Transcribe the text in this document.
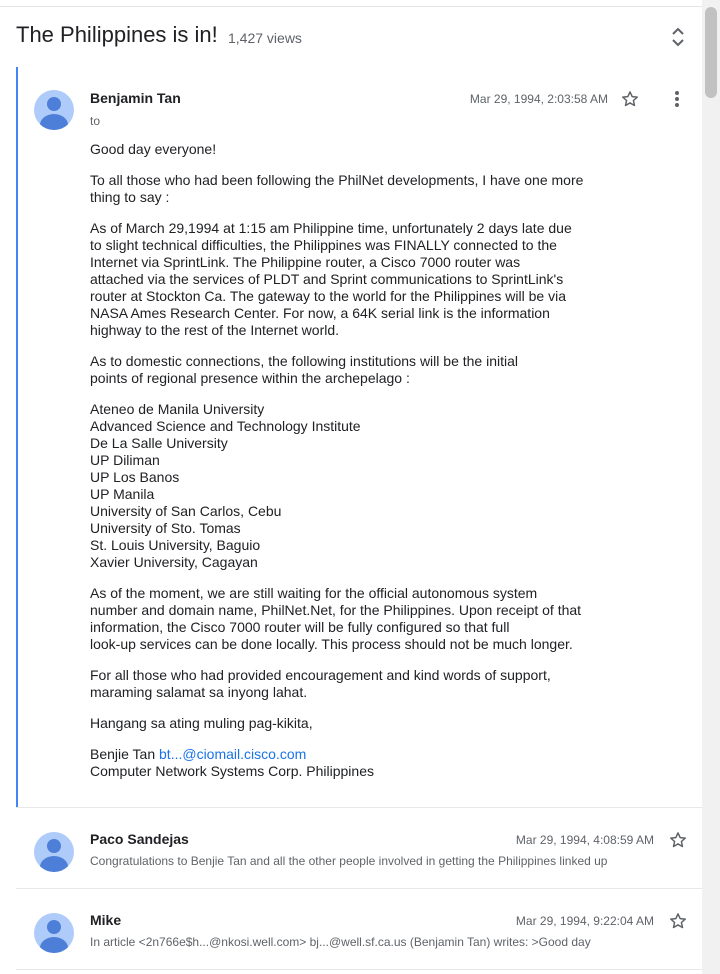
The Philippines is in! 1,427 views
Benjamin Tan
to
Mar 29, 1994, 2:03:58 AM

Good day everyone!

To all those who had been following the PhilNet developments, I have one more
thing to say :

As of March 29,1994 at 1:15 am Philippine time, unfortunately 2 days late due
to slight technical difficulties, the Philippines was FINALLY connected to the
Internet via SprintLink. The Philippine router, a Cisco 7000 router was
attached via the services of PLDT and Sprint communications to SprintLink's
router at Stockton Ca. The gateway to the world for the Philippines will be via
NASA Ames Research Center. For now, a 64K serial link is the information
highway to the rest of the Internet world.

As to domestic connections, the following institutions will be the initial
points of regional presence within the archepelago :

Ateneo de Manila University
Advanced Science and Technology Institute
De La Salle University
UP Diliman
UP Los Banos
UP Manila
University of San Carlos, Cebu
University of Sto. Tomas
St. Louis University, Baguio
Xavier University, Cagayan

As of the moment, we are still waiting for the official autonomous system
number and domain name, PhilNet.Net, for the Philippines. Upon receipt of that
information, the Cisco 7000 router will be fully configured so that full
look-up services can be done locally. This process should not be much longer.

For all those who had provided encouragement and kind words of support,
maraming salamat sa inyong lahat.

Hangang sa ating muling pag-kikita,

Benjie Tan bt...@ciomail.cisco.com
Computer Network Systems Corp. Philippines

Paco Sandejas	Mar 29, 1994, 4:08:59 AM
Congratulations to Benjie Tan and all the other people involved in getting the Philippines linked up
Mike	Mar 29, 1994, 9:22:04 AM
In article <2n766e$h...@nkosi.well.com> bj...@well.sf.ca.us (Benjamin Tan) writes: >Good day
